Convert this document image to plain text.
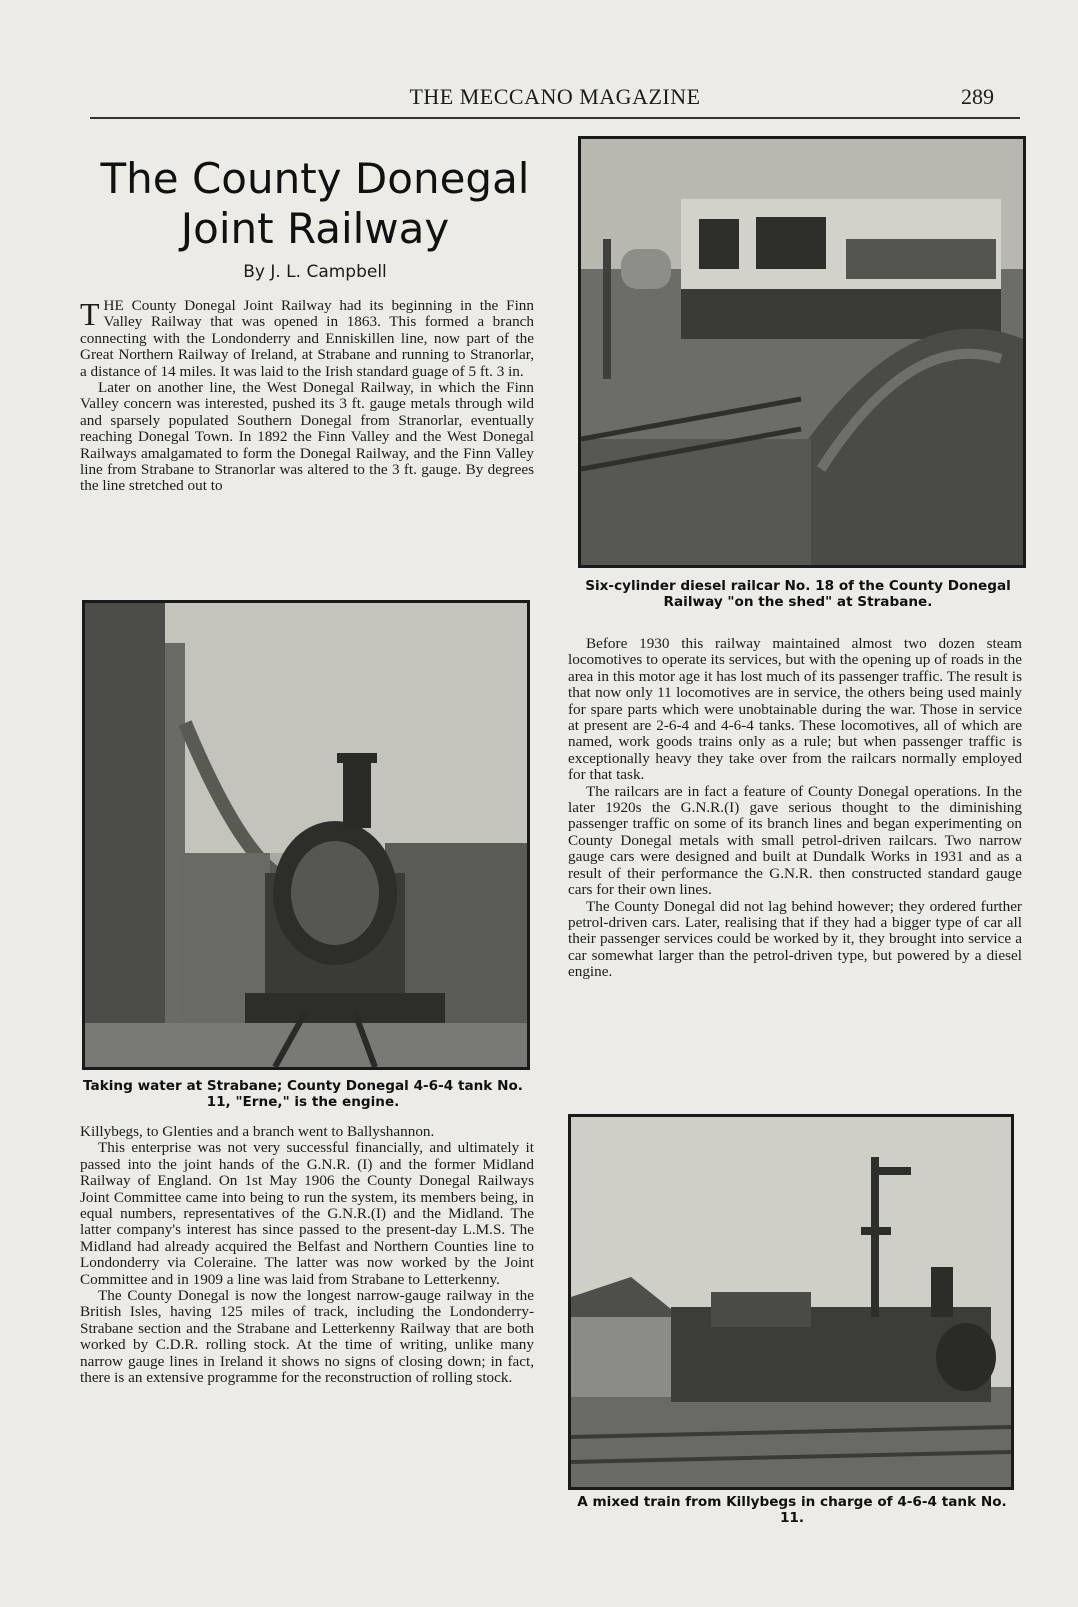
THE MECCANO MAGAZINE	289
The County Donegal
Joint Railway
By J. L. Campbell

THE County Donegal Joint Railway had its beginning in the Finn Valley Railway that was opened in 1863. This formed a branch connecting with the Londonderry and Enniskillen line, now part of the Great Northern Railway of Ireland, at Strabane and running to Stranorlar, a distance of 14 miles. It was laid to the Irish standard guage of 5 ft. 3 in.

Later on another line, the West Donegal Railway, in which the Finn Valley concern was interested, pushed its 3 ft. gauge metals through wild and sparsely populated Southern Donegal from Stranorlar, eventually reaching Donegal Town. In 1892 the Finn Valley and the West Donegal Railways amalgamated to form the Donegal Railway, and the Finn Valley line from Strabane to Stranorlar was altered to the 3 ft. gauge. By degrees the line stretched out to

Taking water at Strabane; County Donegal 4-6-4 tank No. 11, "Erne," is the engine.

Killybegs, to Glenties and a branch went to Ballyshannon.

This enterprise was not very successful financially, and ultimately it passed into the joint hands of the G.N.R. (I) and the former Midland Railway of England. On 1st May 1906 the County Donegal Railways Joint Committee came into being to run the system, its members being, in equal numbers, representatives of the G.N.R.(I) and the Midland. The latter company's interest has since passed to the present-day L.M.S. The Midland had already acquired the Belfast and Northern Counties line to Londonderry via Coleraine. The latter was now worked by the Joint Committee and in 1909 a line was laid from Strabane to Letterkenny.

The County Donegal is now the longest narrow-gauge railway in the British Isles, having 125 miles of track, including the Londonderry-Strabane section and the Strabane and Letterkenny Railway that are both worked by C.D.R. rolling stock. At the time of writing, unlike many narrow gauge lines in Ireland it shows no signs of closing down; in fact, there is an extensive programme for the reconstruction of rolling stock.

Six-cylinder diesel railcar No. 18 of the County Donegal Railway "on the shed" at Strabane.

Before 1930 this railway maintained almost two dozen steam locomotives to operate its services, but with the opening up of roads in the area in this motor age it has lost much of its passenger traffic. The result is that now only 11 locomotives are in service, the others being used mainly for spare parts which were unobtainable during the war. Those in service at present are 2-6-4 and 4-6-4 tanks. These locomotives, all of which are named, work goods trains only as a rule; but when passenger traffic is exceptionally heavy they take over from the railcars normally employed for that task.

The railcars are in fact a feature of County Donegal operations. In the later 1920s the G.N.R.(I) gave serious thought to the diminishing passenger traffic on some of its branch lines and began experimenting on County Donegal metals with small petrol-driven railcars. Two narrow gauge cars were designed and built at Dundalk Works in 1931 and as a result of their performance the G.N.R. then constructed standard gauge cars for their own lines.

The County Donegal did not lag behind however; they ordered further petrol-driven cars. Later, realising that if they had a bigger type of car all their passenger services could be worked by it, they brought into service a car somewhat larger than the petrol-driven type, but powered by a diesel engine.

A mixed train from Killybegs in charge of 4-6-4 tank No. 11.
